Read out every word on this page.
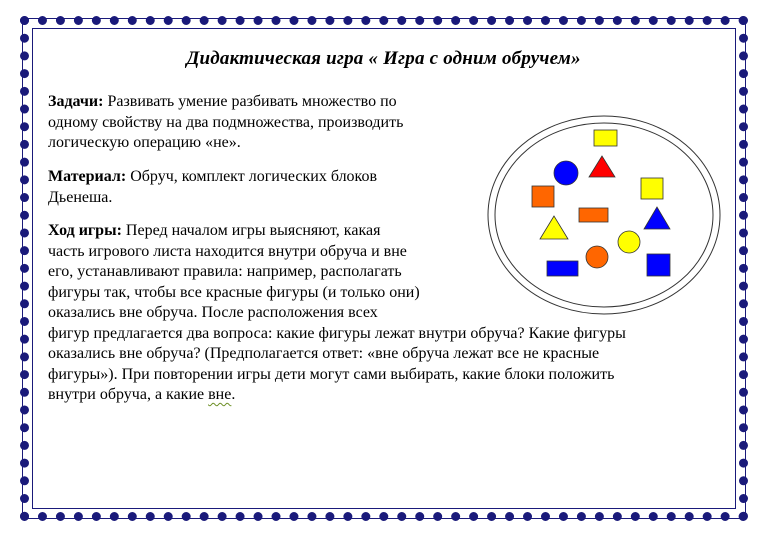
Дидактическая игра « Игра с одним обручем»
Задачи: Развивать умение разбивать множество по
одному свойству на два подмножества, производить
логическую операцию «не».
Материал: Обруч, комплект логических блоков
Дьенеша.
Ход игры: Перед началом игры выясняют, какая
часть игрового листа находится внутри обруча и вне
его, устанавливают правила: например, располагать
фигуры так, чтобы все красные фигуры (и только они)
оказались вне обруча. После расположения всех
фигур предлагается два вопроса: какие фигуры лежат внутри обруча? Какие фигуры
оказались вне обруча? (Предполагается ответ: «вне обруча лежат все не красные
фигуры»). При повторении игры дети могут сами выбирать, какие блоки положить
внутри обруча, а какие вне.
